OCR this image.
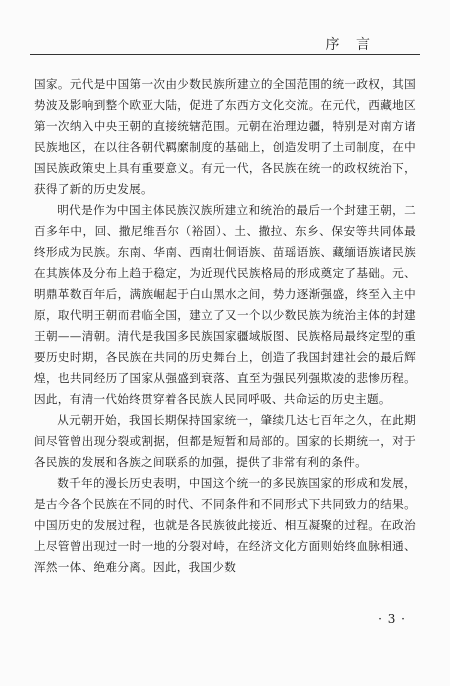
序 言

国家。元代是中国第一次由少数民族所建立的全国范围的统一政权，其国势波及影响到整个欧亚大陆，促进了东西方文化交流。在元代，西藏地区第一次纳入中央王朝的直接统辖范围。元朝在治理边疆，特别是对南方诸民族地区，在以往各朝代羁縻制度的基础上，创造发明了土司制度，在中国民族政策史上具有重要意义。有元一代，各民族在统一的政权统治下，获得了新的历史发展。

明代是作为中国主体民族汉族所建立和统治的最后一个封建王朝，二百多年中，回、撒尼维吾尔（裕固）、土、撒拉、东乡、保安等共同体最终形成为民族。东南、华南、西南壮侗语族、苗瑶语族、藏缅语族诸民族在其族体及分布上趋于稳定，为近现代民族格局的形成奠定了基础。元、明鼎革数百年后，满族崛起于白山黑水之间，势力逐渐强盛，终至入主中原，取代明王朝而君临全国，建立了又一个以少数民族为统治主体的封建王朝——清朝。清代是我国多民族国家疆域版图、民族格局最终定型的重要历史时期，各民族在共同的历史舞台上，创造了我国封建社会的最后辉煌，也共同经历了国家从强盛到衰落、直至为强民列强欺凌的悲惨历程。因此，有清一代始终贯穿着各民族人民同呼吸、共命运的历史主题。

从元朝开始，我国长期保持国家统一，肇续几达七百年之久，在此期间尽管曾出现分裂或割据，但都是短暂和局部的。国家的长期统一，对于各民族的发展和各族之间联系的加强，提供了非常有利的条件。

数千年的漫长历史表明，中国这个统一的多民族国家的形成和发展，是古今各个民族在不同的时代、不同条件和不同形式下共同致力的结果。中国历史的发展过程，也就是各民族彼此接近、相互凝聚的过程。在政治上尽管曾出现过一时一地的分裂对峙，在经济文化方面则始终血脉相通、浑然一体、绝难分离。因此，我国少数

· 3 ·
